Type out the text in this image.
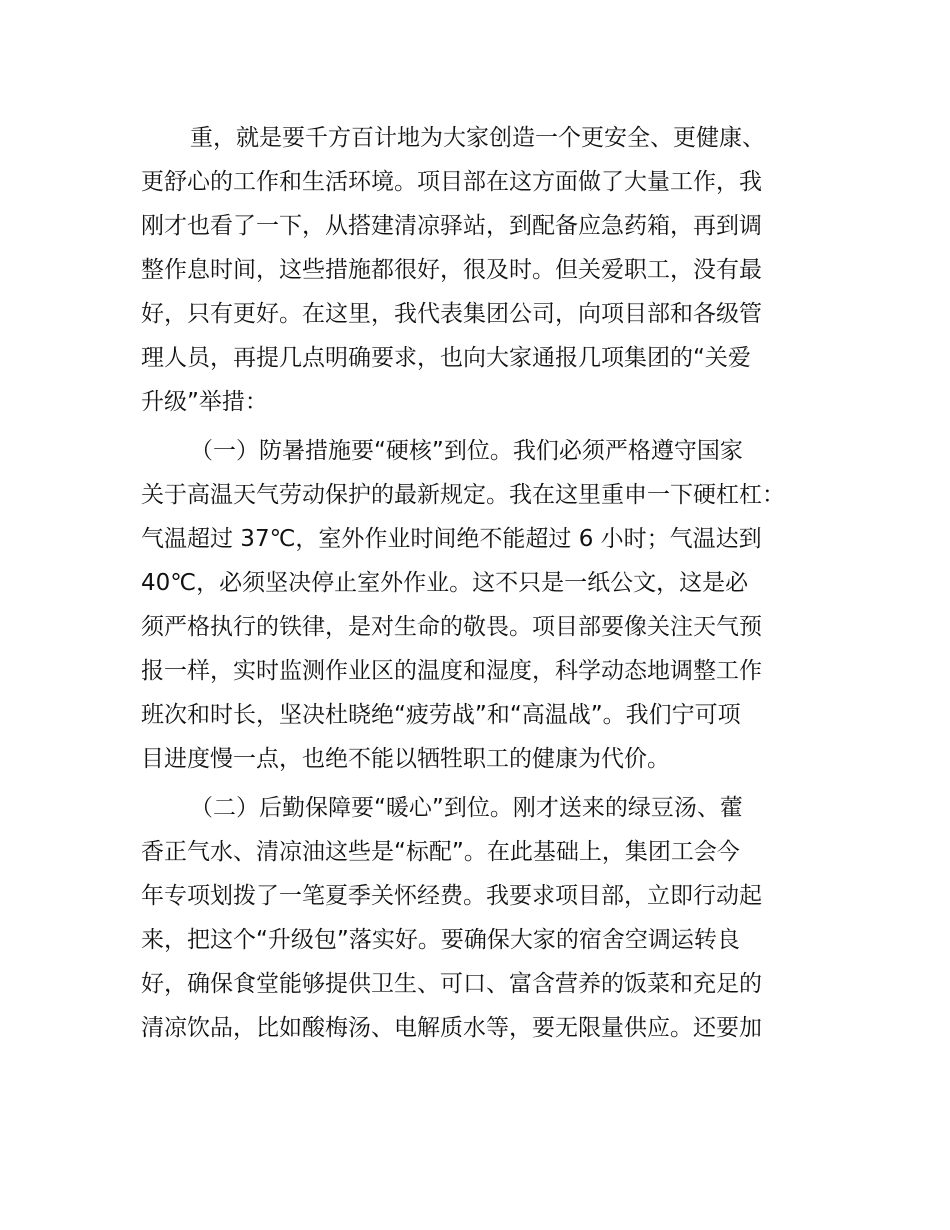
重，就是要千方百计地为大家创造一个更安全、更健康、
更舒心的工作和生活环境。项目部在这方面做了大量工作，我
刚才也看了一下，从搭建清凉驿站，到配备应急药箱，再到调
整作息时间，这些措施都很好，很及时。但关爱职工，没有最
好，只有更好。在这里，我代表集团公司，向项目部和各级管
理人员，再提几点明确要求，也向大家通报几项集团的“关爱
升级”举措：
（一）防暑措施要“硬核”到位。我们必须严格遵守国家
关于高温天气劳动保护的最新规定。我在这里重申一下硬杠杠：
气温超过 37℃，室外作业时间绝不能超过 6 小时；气温达到
40℃，必须坚决停止室外作业。这不只是一纸公文，这是必
须严格执行的铁律，是对生命的敬畏。项目部要像关注天气预
报一样，实时监测作业区的温度和湿度，科学动态地调整工作
班次和时长，坚决杜晓绝“疲劳战”和“高温战”。我们宁可项
目进度慢一点，也绝不能以牺牲职工的健康为代价。
（二）后勤保障要“暖心”到位。刚才送来的绿豆汤、藿
香正气水、清凉油这些是“标配”。在此基础上，集团工会今
年专项划拨了一笔夏季关怀经费。我要求项目部，立即行动起
来，把这个“升级包”落实好。要确保大家的宿舍空调运转良
好，确保食堂能够提供卫生、可口、富含营养的饭菜和充足的
清凉饮品，比如酸梅汤、电解质水等，要无限量供应。还要加
